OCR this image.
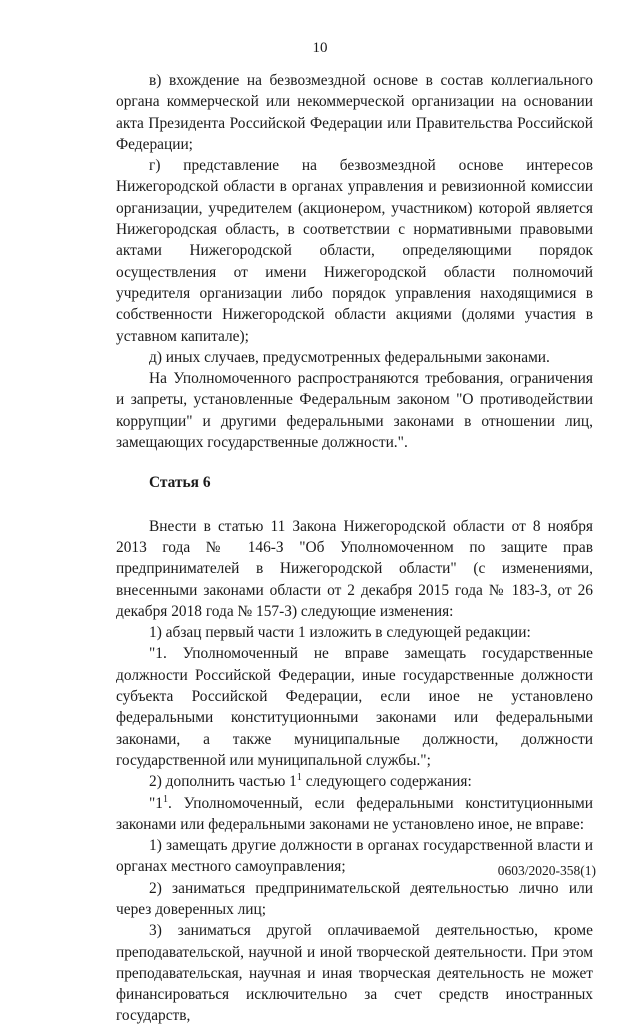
10

в) вхождение на безвозмездной основе в состав коллегиального органа коммерческой или некоммерческой организации на основании акта Президента Российской Федерации или Правительства Российской Федерации;

г) представление на безвозмездной основе интересов Нижегородской области в органах управления и ревизионной комиссии организации, учредителем (акционером, участником) которой является Нижегородская область, в соответствии с нормативными правовыми актами Нижегородской области, определяющими порядок осуществления от имени Нижегородской области полномочий учредителя организации либо порядок управления находящимися в собственности Нижегородской области акциями (долями участия в уставном капитале);

д) иных случаев, предусмотренных федеральными законами.

На Уполномоченного распространяются требования, ограничения и запреты, установленные Федеральным законом "О противодействии коррупции" и другими федеральными законами в отношении лиц, замещающих государственные должности.".

Статья 6

Внести в статью 11 Закона Нижегородской области от 8 ноября 2013 года № 146-З "Об Уполномоченном по защите прав предпринимателей в Нижегородской области" (с изменениями, внесенными законами области от 2 декабря 2015 года № 183-З, от 26 декабря 2018 года № 157-З) следующие изменения:

1) абзац первый части 1 изложить в следующей редакции:

"1. Уполномоченный не вправе замещать государственные должности Российской Федерации, иные государственные должности субъекта Российской Федерации, если иное не установлено федеральными конституционными законами или федеральными законами, а также муниципальные должности, должности государственной или муниципальной службы.";

2) дополнить частью $1^1$ следующего содержания:

"$1^1$. Уполномоченный, если федеральными конституционными законами или федеральными законами не установлено иное, не вправе:

1) замещать другие должности в органах государственной власти и органах местного самоуправления;

2) заниматься предпринимательской деятельностью лично или через доверенных лиц;

3) заниматься другой оплачиваемой деятельностью, кроме преподавательской, научной и иной творческой деятельности. При этом преподавательская, научная и иная творческая деятельность не может финансироваться исключительно за счет средств иностранных государств,

0603/2020-358(1)
